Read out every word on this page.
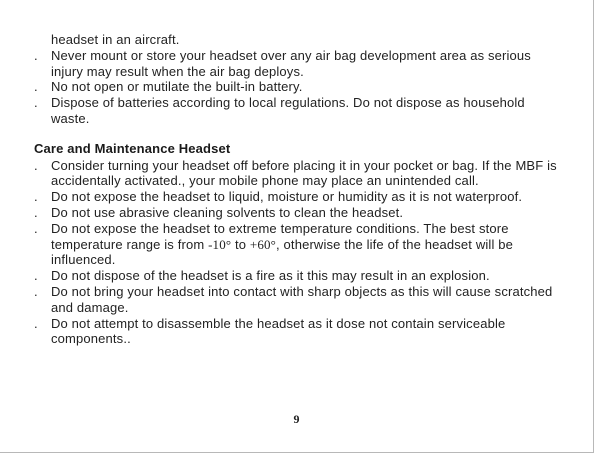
headset in an aircraft.

. Never mount or store your headset over any air bag development area as serious injury may result when the air bag deploys.

. No not open or mutilate the built-in battery.

. Dispose of batteries according to local regulations. Do not dispose as household waste.

Care and Maintenance Headset

. Consider turning your headset off before placing it in your pocket or bag. If the MBF is accidentally activated., your mobile phone may place an unintended call.

. Do not expose the headset to liquid, moisture or humidity as it is not waterproof.

. Do not use abrasive cleaning solvents to clean the headset.

. Do not expose the headset to extreme temperature conditions. The best store temperature range is from -10° to +60°, otherwise the life of the headset will be influenced.

. Do not dispose of the headset is a fire as it this may result in an explosion.

. Do not bring your headset into contact with sharp objects as this will cause scratched and damage.

. Do not attempt to disassemble the headset as it dose not contain serviceable components..

9
